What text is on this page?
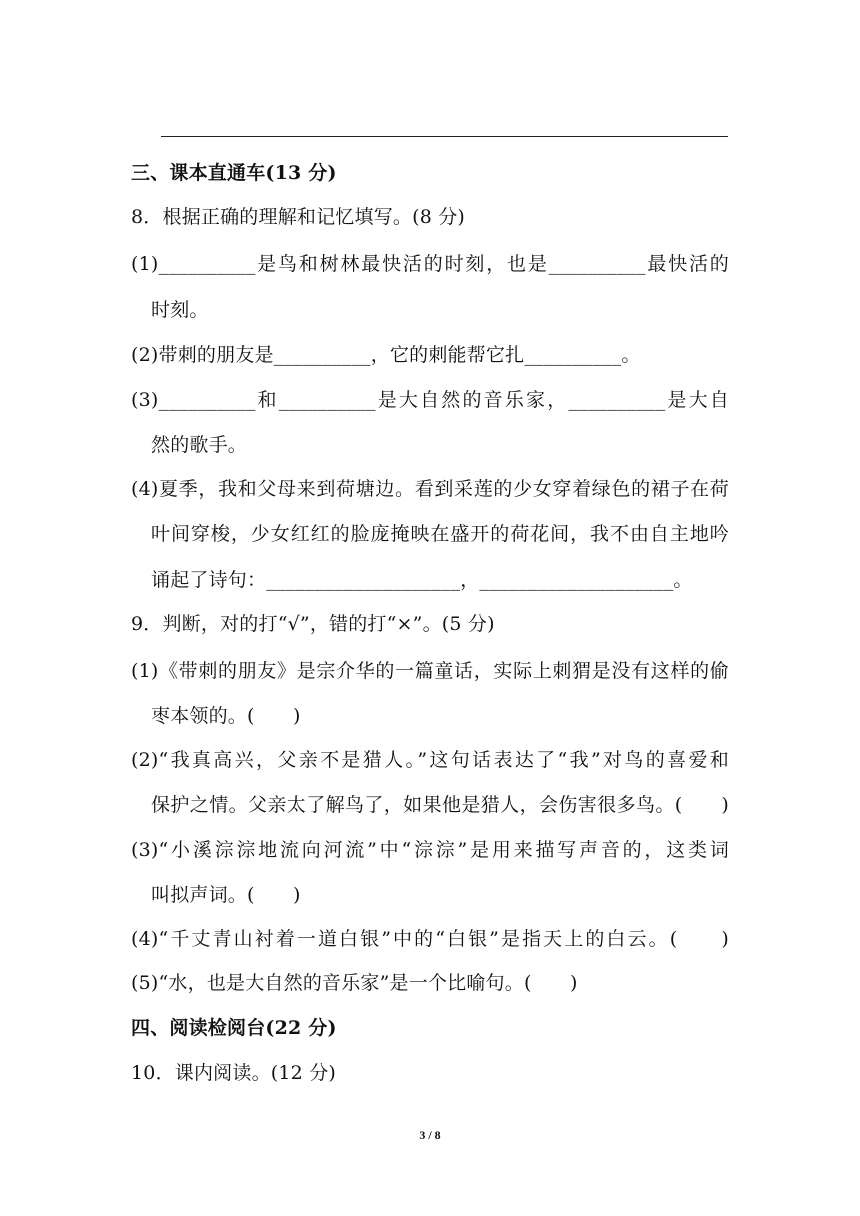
三、课本直通车(13 分)
8．根据正确的理解和记忆填写。(8 分)
(1)__________是鸟和树林最快活的时刻，也是__________最快活的
时刻。
(2)带刺的朋友是__________，它的刺能帮它扎__________。
(3)__________和__________是大自然的音乐家，__________是大自
然的歌手。
(4)夏季，我和父母来到荷塘边。看到采莲的少女穿着绿色的裙子在荷
叶间穿梭，少女红红的脸庞掩映在盛开的荷花间，我不由自主地吟
诵起了诗句：____________________，____________________。
9．判断，对的打“√”，错的打“×”。(5 分)
(1)《带刺的朋友》是宗介华的一篇童话，实际上刺猬是没有这样的偷
枣本领的。(　　)
(2)“我真高兴，父亲不是猎人。”这句话表达了“我”对鸟的喜爱和
保护之情。父亲太了解鸟了，如果他是猎人，会伤害很多鸟。(　　)
(3)“小溪淙淙地流向河流”中“淙淙”是用来描写声音的，这类词
叫拟声词。(　　)
(4)“千丈青山衬着一道白银”中的“白银”是指天上的白云。(　　)
(5)“水，也是大自然的音乐家”是一个比喻句。(　　)
四、阅读检阅台(22 分)
10．课内阅读。(12 分)
3 / 8
